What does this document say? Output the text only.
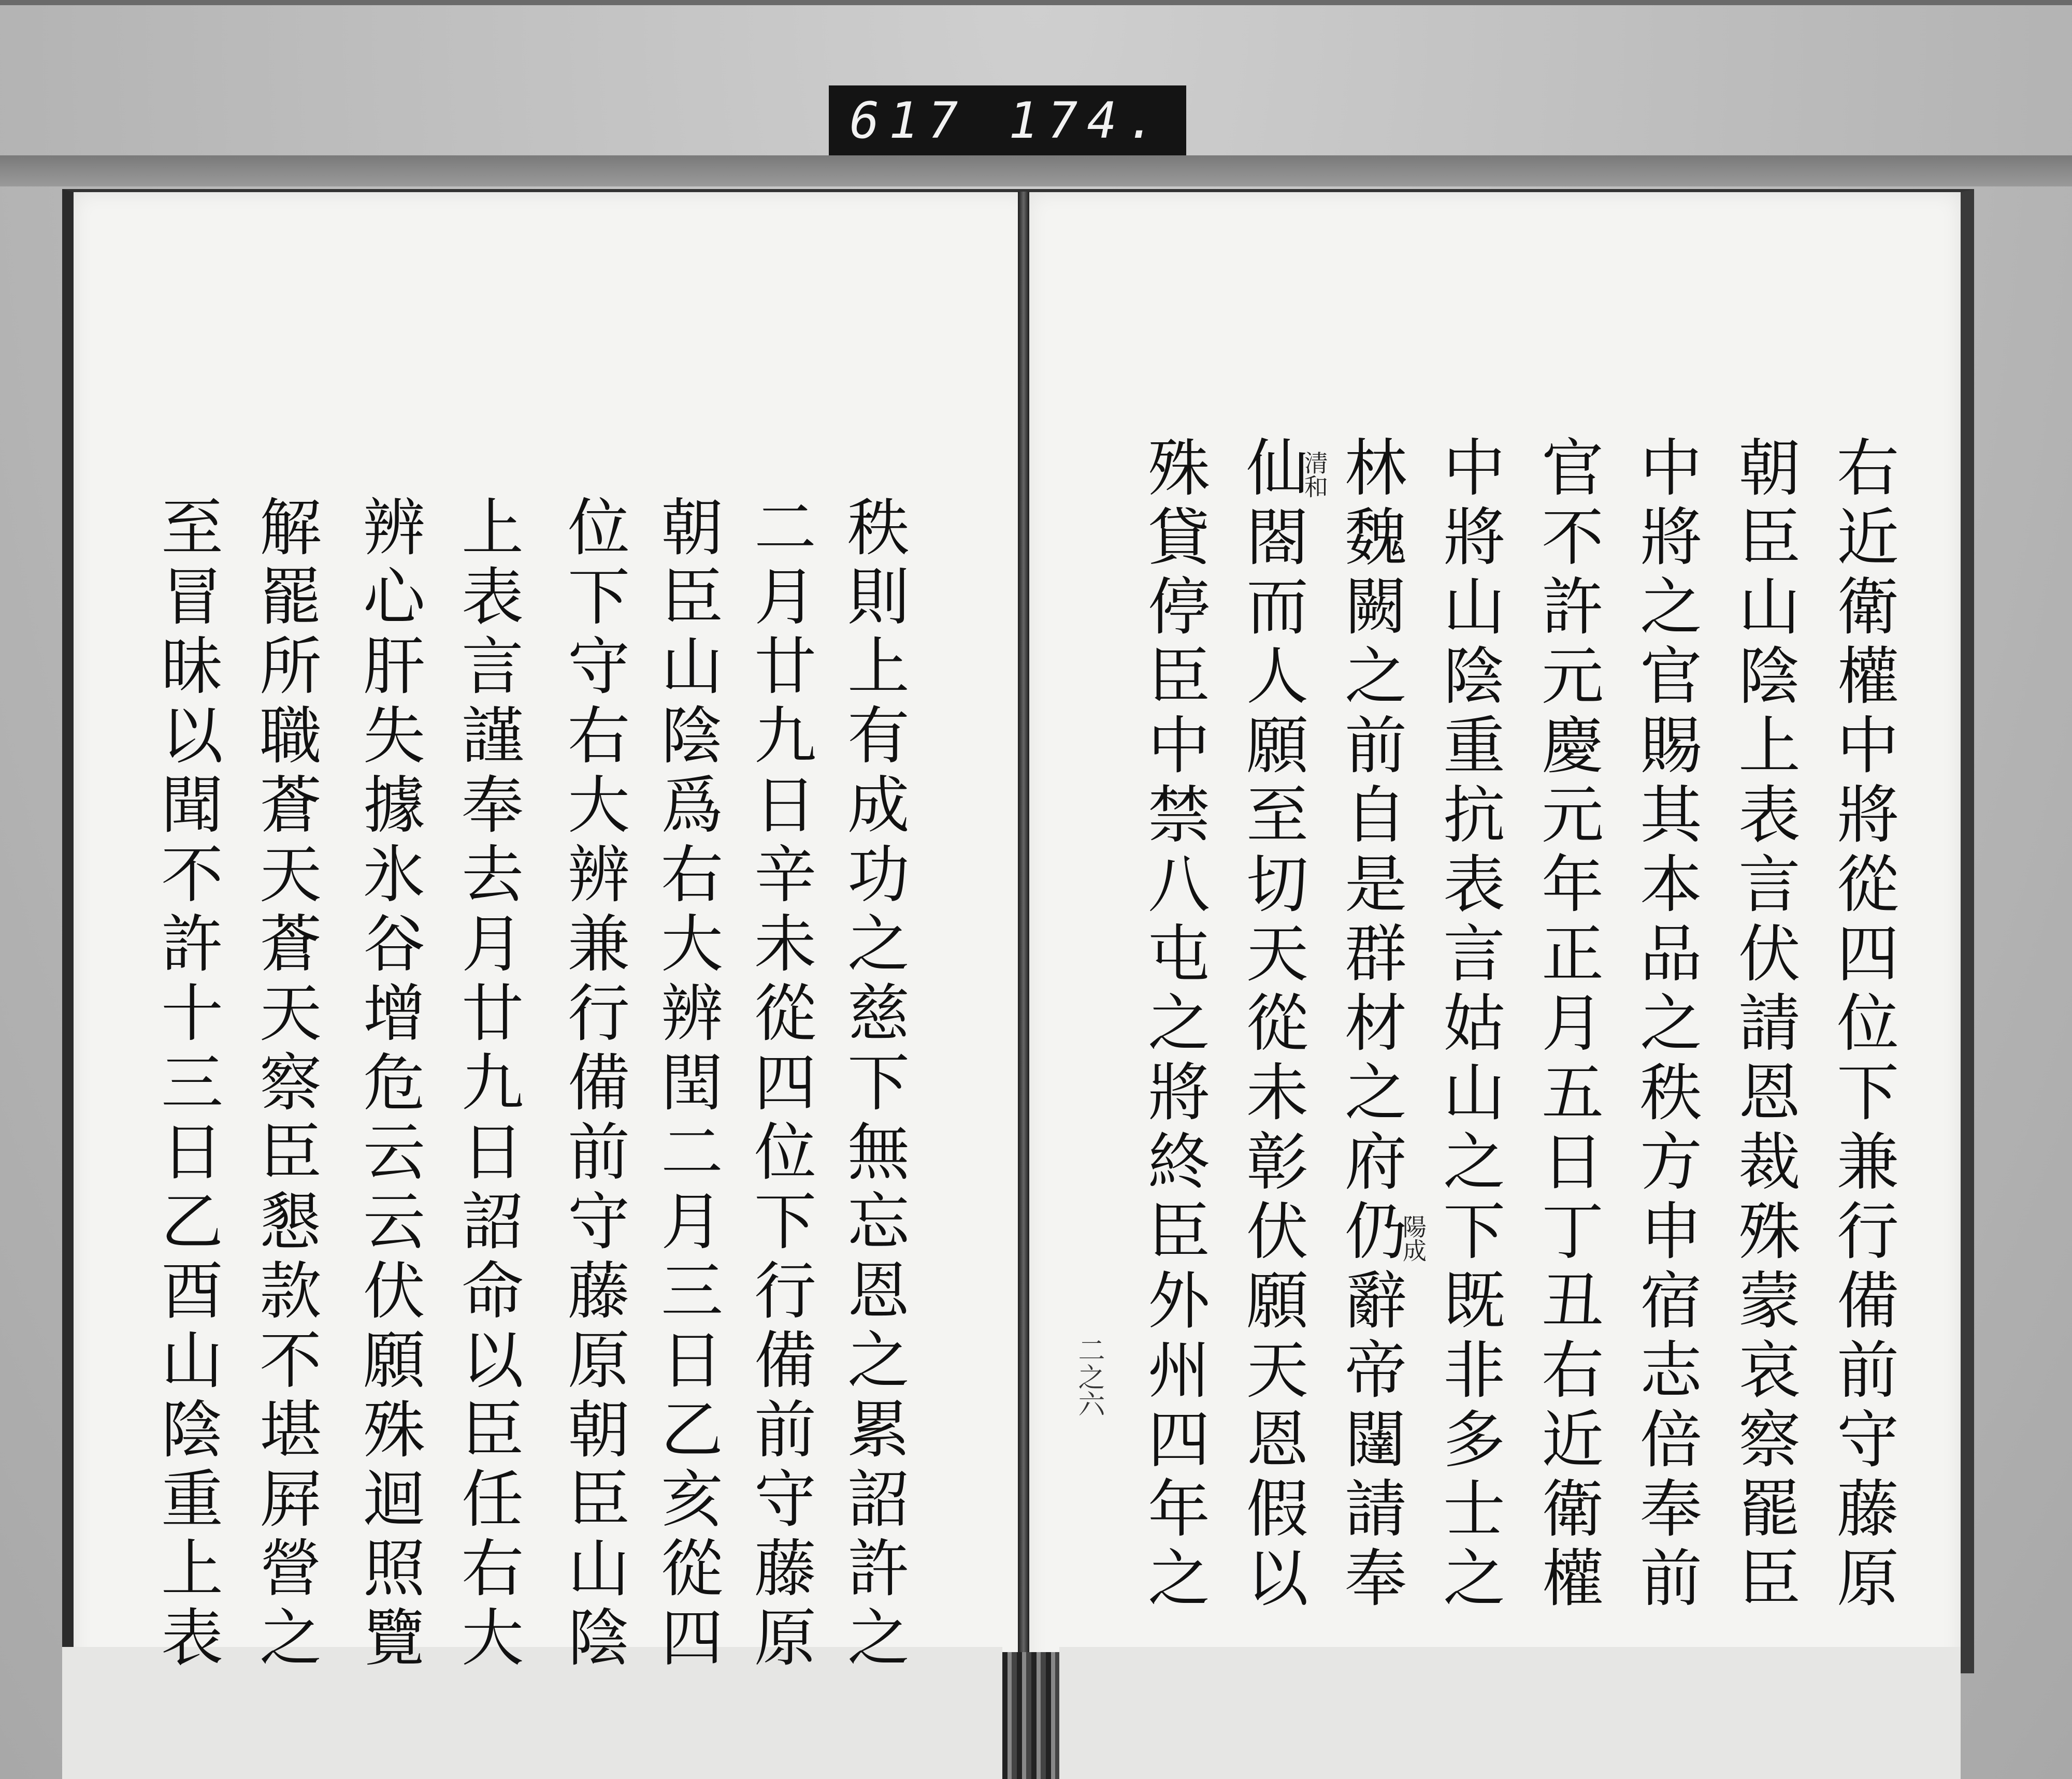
617 174.
右近衛權中將從四位下兼行備前守藤原
朝臣山陰上表言伏請恩裁殊蒙哀察罷臣
中將之官賜其本品之秩方申宿志倍奉前
官不許元慶元年正月五日丁丑右近衛權
中將山陰重抗表言姑山之下既非多士之
林魏闕之前自是群材之府仍辭帝闥請奉
仙閤而人願至切天從未彰伏願天恩假以
殊貸停臣中禁八屯之將終臣外州四年之	清和
陽成
二之六
秩則上有成功之慈下無忘恩之累詔許之
二月廿九日辛未從四位下行備前守藤原
朝臣山陰爲右大辨閏二月三日乙亥從四
位下守右大辨兼行備前守藤原朝臣山陰
上表言謹奉去月廿九日詔命以臣任右大
辨心肝失據氷谷增危云云伏願殊迴照覽
解罷所職蒼天蒼天察臣懇款不堪屛營之
至冒昧以聞不許十三日乙酉山陰重上表
